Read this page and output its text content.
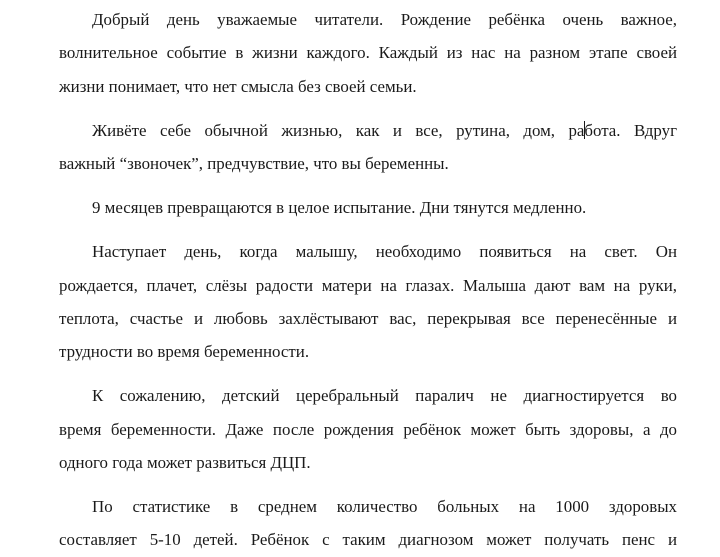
Добрый день уважаемые читатели. Рождение ребёнка очень важное,
волнительное событие в жизни каждого. Каждый из нас на разном этапе своей
жизни понимает, что нет смысла без своей семьи.
Живёте себе обычной жизнью, как и все, рутина, дом, работа. Вдруг
важный “звоночек”, предчувствие, что вы беременны.
9 месяцев превращаются в целое испытание. Дни тянутся медленно.
Наступает день, когда малышу, необходимо появиться на свет. Он
рождается, плачет, слёзы радости матери на глазах. Малыша дают вам на руки,
теплота, счастье и любовь захлёстывают вас, перекрывая все перенесённые и
трудности во время беременности.
К сожалению, детский церебральный паралич не диагностируется во
время беременности. Даже после рождения ребёнок может быть здоровы, а до
одного года может развиться ДЦП.
По статистике в среднем количество больных на 1000 здоровых
составляет 5-10 детей. Ребёнок с таким диагнозом может получать пенс и
